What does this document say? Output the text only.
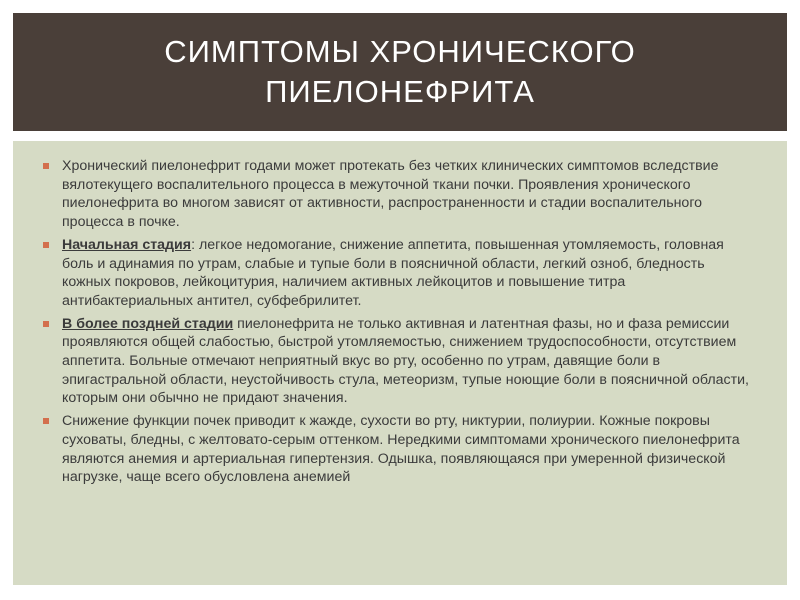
СИМПТОМЫ ХРОНИЧЕСКОГО ПИЕЛОНЕФРИТА
Хронический пиелонефрит годами может протекать без четких клинических симптомов вследствие вялотекущего воспалительного процесса в межуточной ткани почки. Проявления хронического пиелонефрита во многом зависят от активности, распространенности и стадии воспалительного процесса в почке.
Начальная стадия: легкое недомогание, снижение аппетита, повышенная утомляемость, головная боль и адинамия по утрам, слабые и тупые боли в поясничной области, легкий озноб, бледность кожных покровов, лейкоцитурия, наличием активных лейкоцитов и повышение титра антибактериальных антител, субфебрилитет.
В более поздней стадии пиелонефрита не только активная и латентная фазы, но и фаза ремиссии проявляются общей слабостью, быстрой утомляемостью, снижением трудоспособности, отсутствием аппетита. Больные отмечают неприятный вкус во рту, особенно по утрам, давящие боли в эпигастральной области, неустойчивость стула, метеоризм, тупые ноющие боли в поясничной области, которым они обычно не придают значения.
Снижение функции почек приводит к жажде, сухости во рту, никтурии, полиурии. Кожные покровы суховаты, бледны, с желтовато-серым оттенком. Нередкими симптомами хронического пиелонефрита являются анемия и артериальная гипертензия. Одышка, появляющаяся при умеренной физической нагрузке, чаще всего обусловлена анемией
